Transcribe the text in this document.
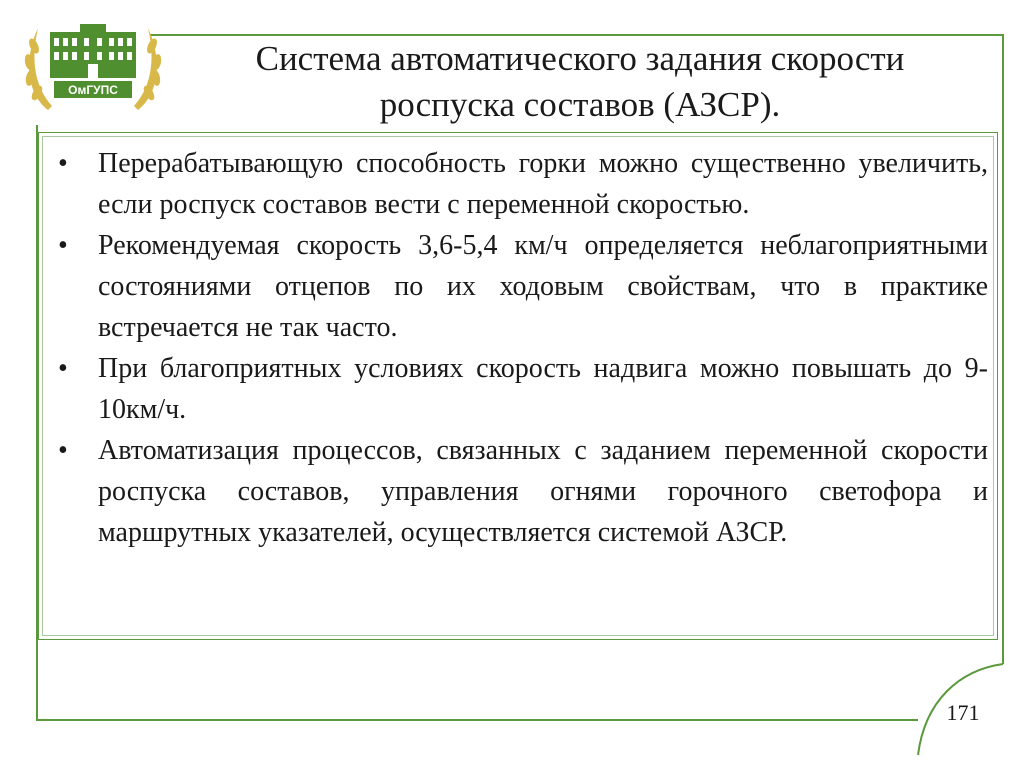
ОмГУПС
Система автоматического задания скорости
роспуска составов (АЗСР).
• Перерабатывающую способность горки можно существенно увеличить, если роспуск составов вести с переменной скоростью.
• Рекомендуемая скорость 3,6-5,4 км/ч определяется неблагоприятными состояниями отцепов по их ходовым свойствам, что в практике встречается не так часто.
• При благоприятных условиях скорость надвига можно повышать до 9-10км/ч.
• Автоматизация процессов, связанных с заданием переменной скорости роспуска составов, управления огнями горочного светофора и маршрутных указателей, осуществляется системой АЗСР.
171
